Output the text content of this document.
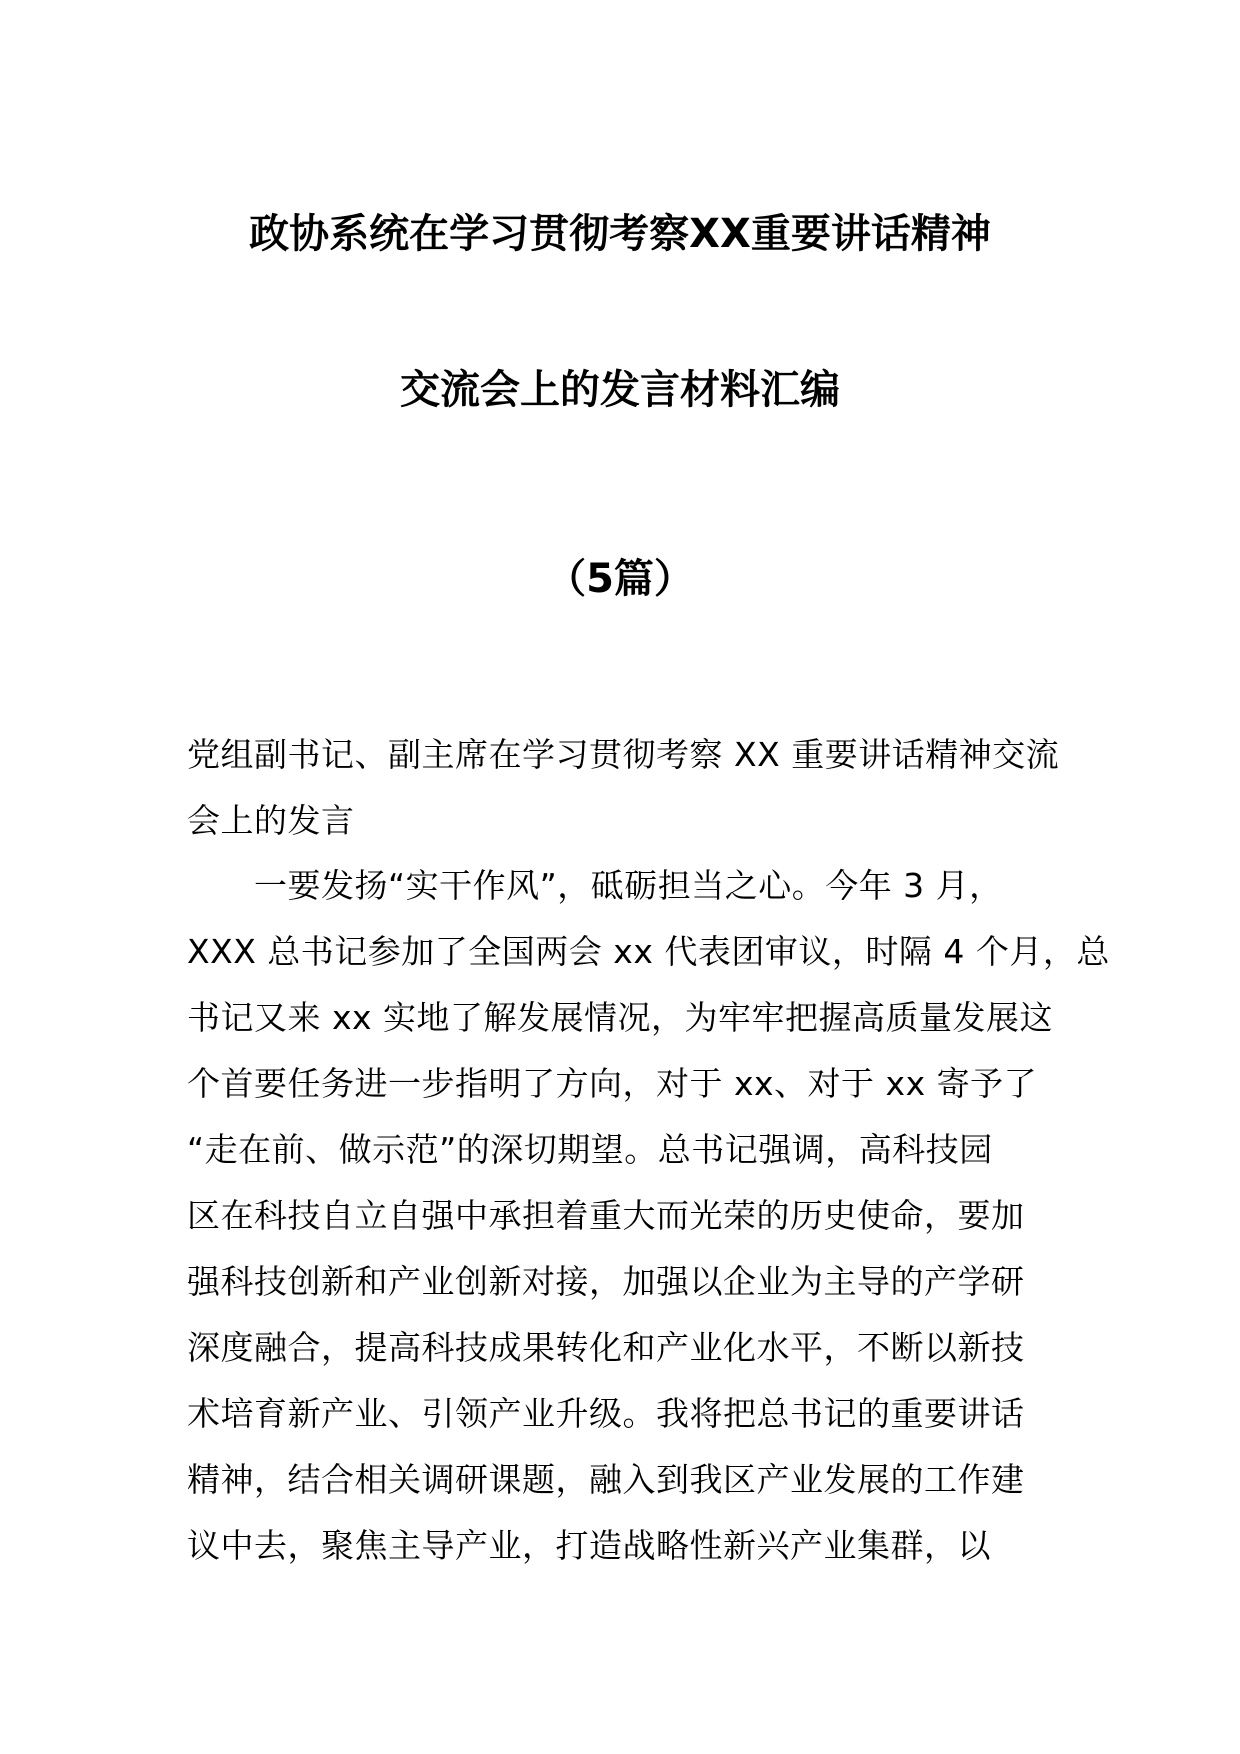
政协系统在学习贯彻考察XX重要讲话精神
交流会上的发言材料汇编
（5篇）

党组副书记、副主席在学习贯彻考察 XX 重要讲话精神交流

会上的发言

　　一要发扬“实干作风”，砥砺担当之心。今年 3 月，
XXX 总书记参加了全国两会 xx 代表团审议，时隔 4 个月，总
书记又来 xx 实地了解发展情况，为牢牢把握高质量发展这
个首要任务进一步指明了方向，对于 xx、对于 xx 寄予了
“走在前、做示范”的深切期望。总书记强调，高科技园
区在科技自立自强中承担着重大而光荣的历史使命，要加
强科技创新和产业创新对接，加强以企业为主导的产学研
深度融合，提高科技成果转化和产业化水平，不断以新技
术培育新产业、引领产业升级。我将把总书记的重要讲话
精神，结合相关调研课题，融入到我区产业发展的工作建
议中去，聚焦主导产业，打造战略性新兴产业集群，以
